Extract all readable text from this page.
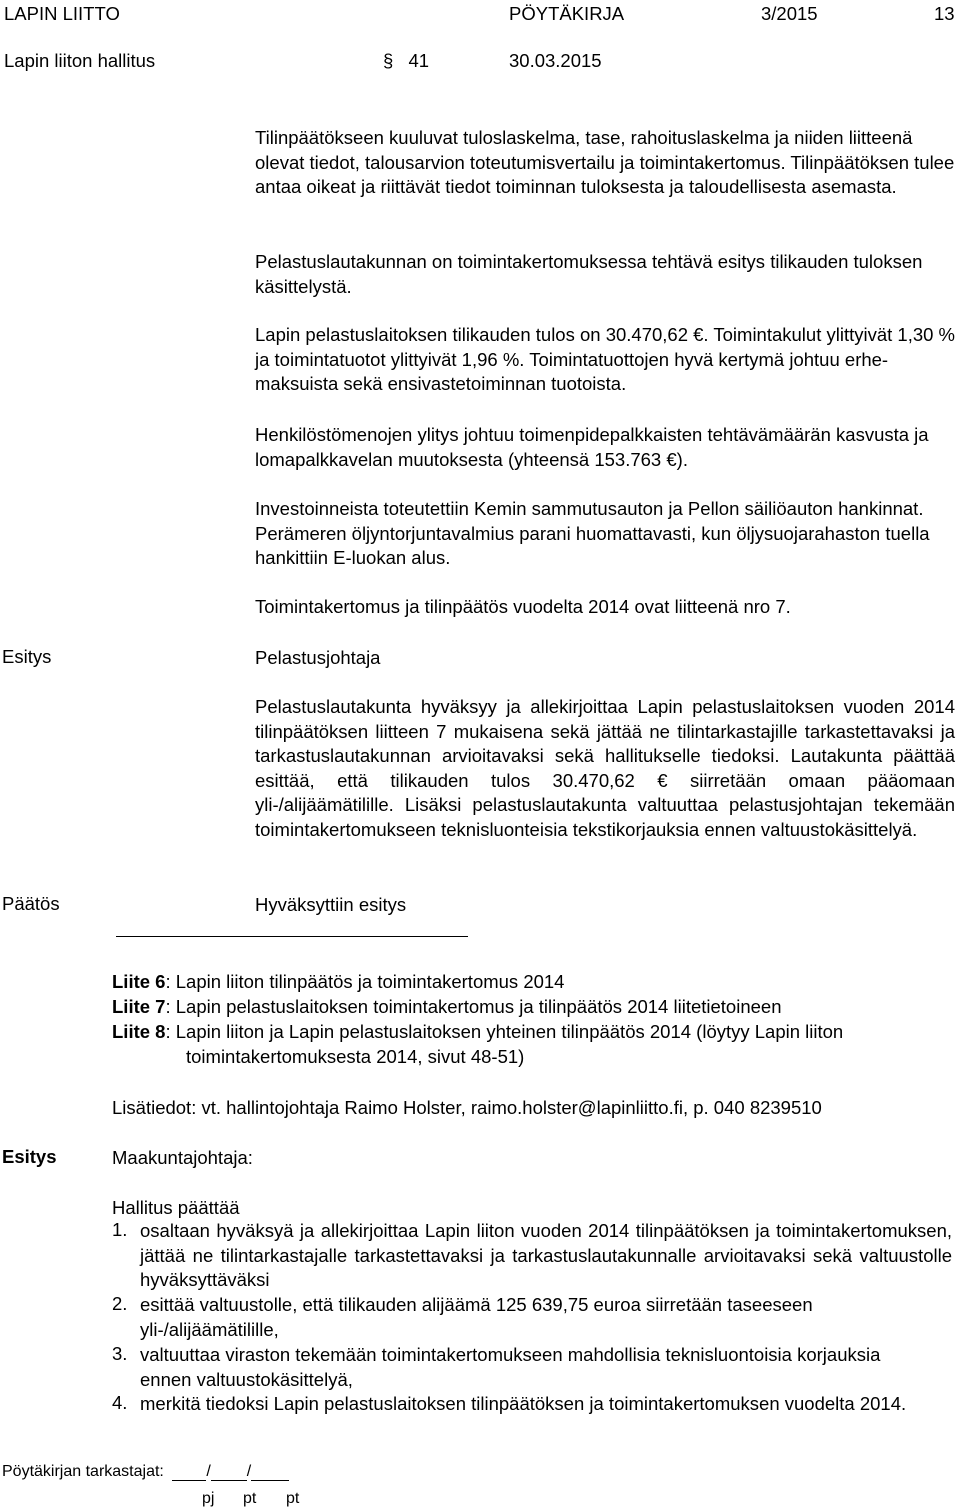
LAPIN LIITTO	PÖYTÄKIRJA	3/2015	13
Lapin liiton hallitus	§ 41	30.03.2015
Tilinpäätökseen kuuluvat tuloslaskelma, tase, rahoituslaskelma ja niiden liitteenä olevat tiedot, talousarvion toteutumisvertailu ja toimintakertomus. Tilinpäätöksen tulee antaa oikeat ja riittävät tiedot toiminnan tuloksesta ja taloudellisesta asemasta.
Pelastuslautakunnan on toimintakertomuksessa tehtävä esitys tilikauden tuloksen käsittelystä.
Lapin pelastuslaitoksen tilikauden tulos on 30.470,62 €. Toimintakulut ylittyivät 1,30 % ja toimintatuotot ylittyivät 1,96 %. Toimintatuottojen hyvä kertymä johtuu erhe-maksuista sekä ensivastetoiminnan tuotoista.
Henkilöstömenojen ylitys johtuu toimenpidepalkkaisten tehtävämäärän kasvusta ja lomapalkkavelan muutoksesta (yhteensä 153.763 €).
Investoinneista toteutettiin Kemin sammutusauton ja Pellon säiliöauton hankinnat. Perämeren öljyntorjuntavalmius parani huomattavasti, kun öljysuojarahaston tuella hankittiin E-luokan alus.
Toimintakertomus ja tilinpäätös vuodelta 2014 ovat liitteenä nro 7.
Esitys	Pelastusjohtaja
Pelastuslautakunta hyväksyy ja allekirjoittaa Lapin pelastuslaitoksen vuoden 2014 tilinpäätöksen liitteen 7 mukaisena sekä jättää ne tilintarkastajille tarkastettavaksi ja tarkastuslautakunnan arvioitavaksi sekä hallitukselle tiedoksi. Lautakunta päättää esittää, että tilikauden tulos 30.470,62 € siirretään omaan pääomaan yli-/alijäämätilille. Lisäksi pelastuslautakunta valtuuttaa pelastusjohtajan tekemään toimintakertomukseen teknisluonteisia tekstikorjauksia ennen valtuustokäsittelyä.
Päätös	Hyväksyttiin esitys
Liite 6: Lapin liiton tilinpäätös ja toimintakertomus 2014
Liite 7: Lapin pelastuslaitoksen toimintakertomus ja tilinpäätös 2014 liitetietoineen
Liite 8: Lapin liiton ja Lapin pelastuslaitoksen yhteinen tilinpäätös 2014 (löytyy Lapin liiton
toimintakertomuksesta 2014, sivut 48-51)
Lisätiedot: vt. hallintojohtaja Raimo Holster, raimo.holster@lapinliitto.fi, p. 040 8239510
Esitys	Maakuntajohtaja:
Hallitus päättää
1. osaltaan hyväksyä ja allekirjoittaa Lapin liiton vuoden 2014 tilinpäätöksen ja toimintakertomuksen, jättää ne tilintarkastajalle tarkastettavaksi ja tarkastuslautakunnalle arvioitavaksi sekä valtuustolle hyväksyttäväksi
2. esittää valtuustolle, että tilikauden alijäämä 125 639,75 euroa siirretään taseeseen yli-/alijäämätilille,
3. valtuuttaa viraston tekemään toimintakertomukseen mahdollisia teknisluontoisia korjauksia ennen valtuustokäsittelyä,
4. merkitä tiedoksi Lapin pelastuslaitoksen tilinpäätöksen ja toimintakertomuksen vuodelta 2014.
Pöytäkirjan tarkastajat:	/ /
pj pt pt
